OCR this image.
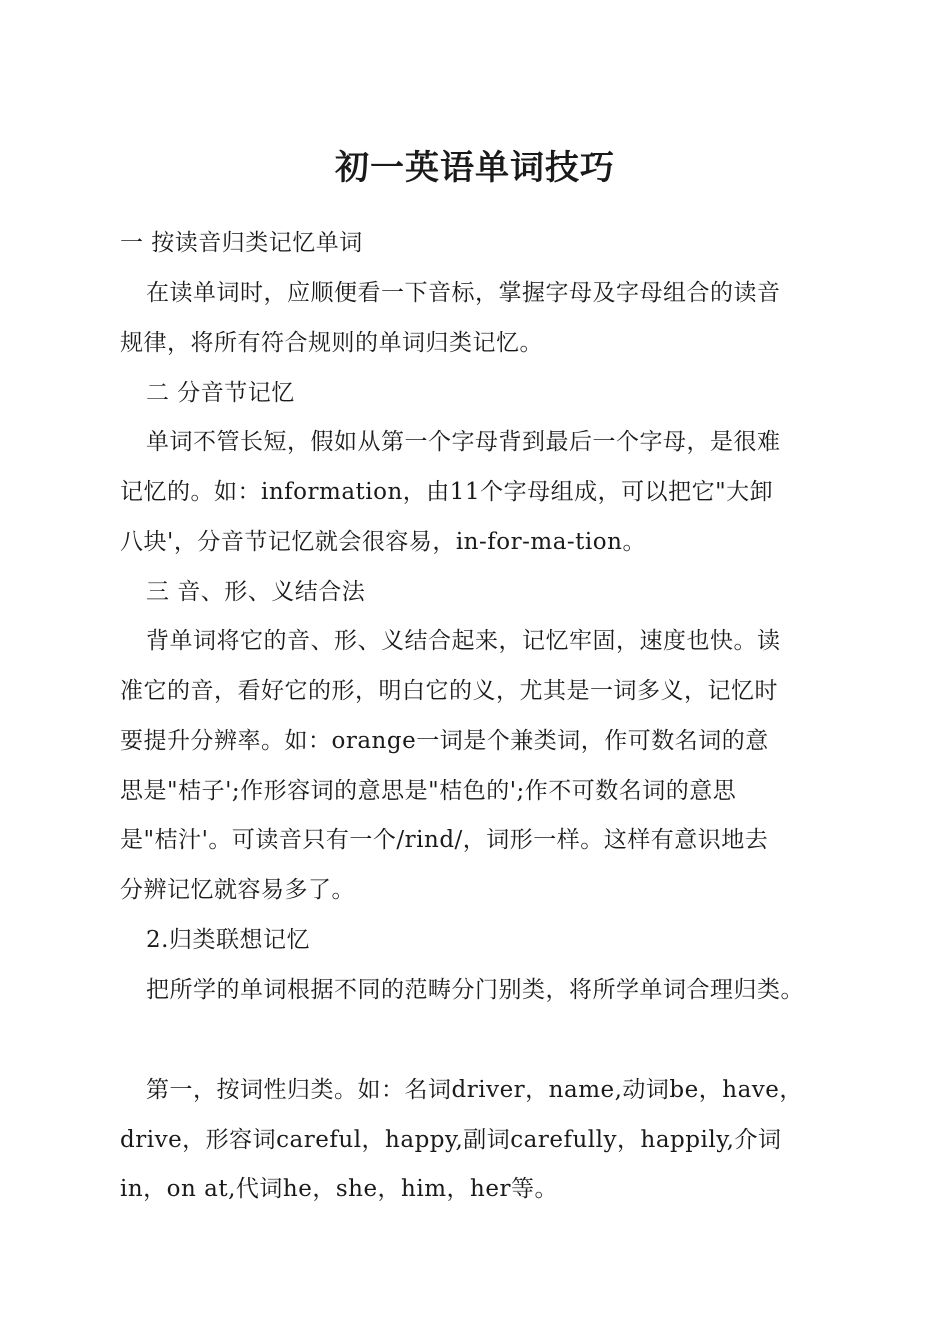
初一英语单词技巧
一 按读音归类记忆单词
在读单词时，应顺便看一下音标，掌握字母及字母组合的读音
规律，将所有符合规则的单词归类记忆。
二 分音节记忆
单词不管长短，假如从第一个字母背到最后一个字母，是很难
记忆的。如：information，由11个字母组成，可以把它"大卸
八块'，分音节记忆就会很容易，in-for-ma-tion。
三 音、形、义结合法
背单词将它的音、形、义结合起来，记忆牢固，速度也快。读
准它的音，看好它的形，明白它的义，尤其是一词多义，记忆时
要提升分辨率。如：orange一词是个兼类词，作可数名词的意
思是"桔子';作形容词的意思是"桔色的';作不可数名词的意思
是"桔汁'。可读音只有一个/rind/，词形一样。这样有意识地去
分辨记忆就容易多了。
2.归类联想记忆
把所学的单词根据不同的范畴分门别类，将所学单词合理归类。
第一，按词性归类。如：名词driver，name,动词be，have，
drive，形容词careful，happy,副词carefully，happily,介词
in，on at,代词he，she，him，her等。
